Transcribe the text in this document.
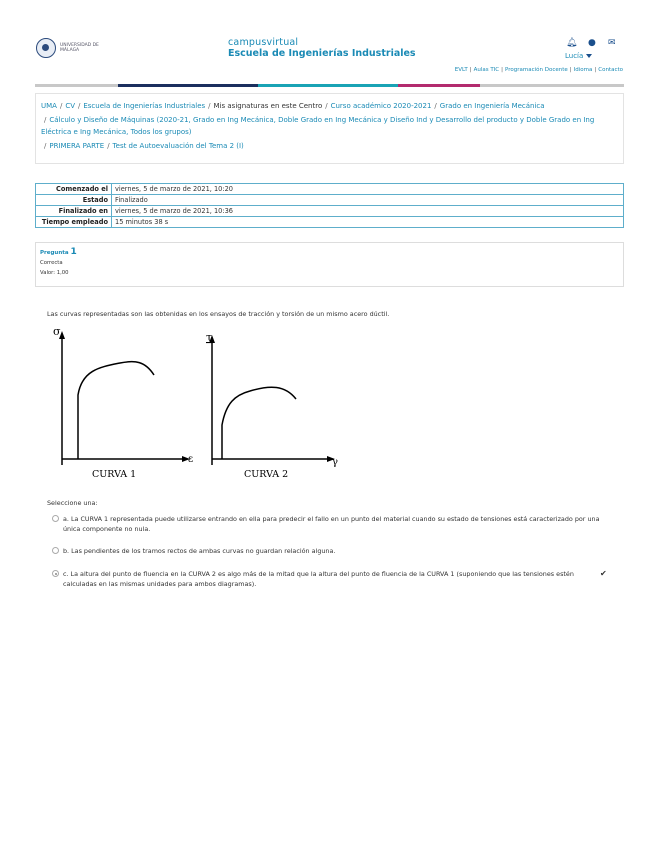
UNIVERSIDAD DE MÁLAGA
campusvirtual
Escuela de Ingenierías Industriales
🔔︎ ● ✉
Lucía
EVLT | Aulas TIC | Programación Docente | Idioma | Contacto
UMA / CV / Escuela de Ingenierías Industriales / Mis asignaturas en este Centro / Curso académico 2020-2021 / Grado en Ingeniería Mecánica
/ Cálculo y Diseño de Máquinas (2020-21, Grado en Ing Mecánica, Doble Grado en Ing Mecánica y Diseño Ind y Desarrollo del producto y Doble Grado en Ing Eléctrica e Ing Mecánica, Todos los grupos)
/ PRIMERA PARTE / Test de Autoevaluación del Tema 2 (I)
Comenzado el	viernes, 5 de marzo de 2021, 10:20
Estado	Finalizado
Finalizado en	viernes, 5 de marzo de 2021, 10:36
Tiempo empleado	15 minutos 38 s
Pregunta 1
Correcta
Valor: 1,00
Las curvas representadas son las obtenidas en los ensayos de tracción y torsión de un mismo acero dúctil.
σ
ε
CURVA 1
τ
γ
CURVA 2
Seleccione una:
a. La CURVA 1 representada puede utilizarse entrando en ella para predecir el fallo en un punto del material cuando su estado de tensiones está caracterizado por una única componente no nula.
b. Las pendientes de los tramos rectos de ambas curvas no guardan relación alguna.
c. La altura del punto de fluencia en la CURVA 2 es algo más de la mitad que la altura del punto de fluencia de la CURVA 1 (suponiendo que las tensiones estén calculadas en las mismas unidades para ambos diagramas).
✔
